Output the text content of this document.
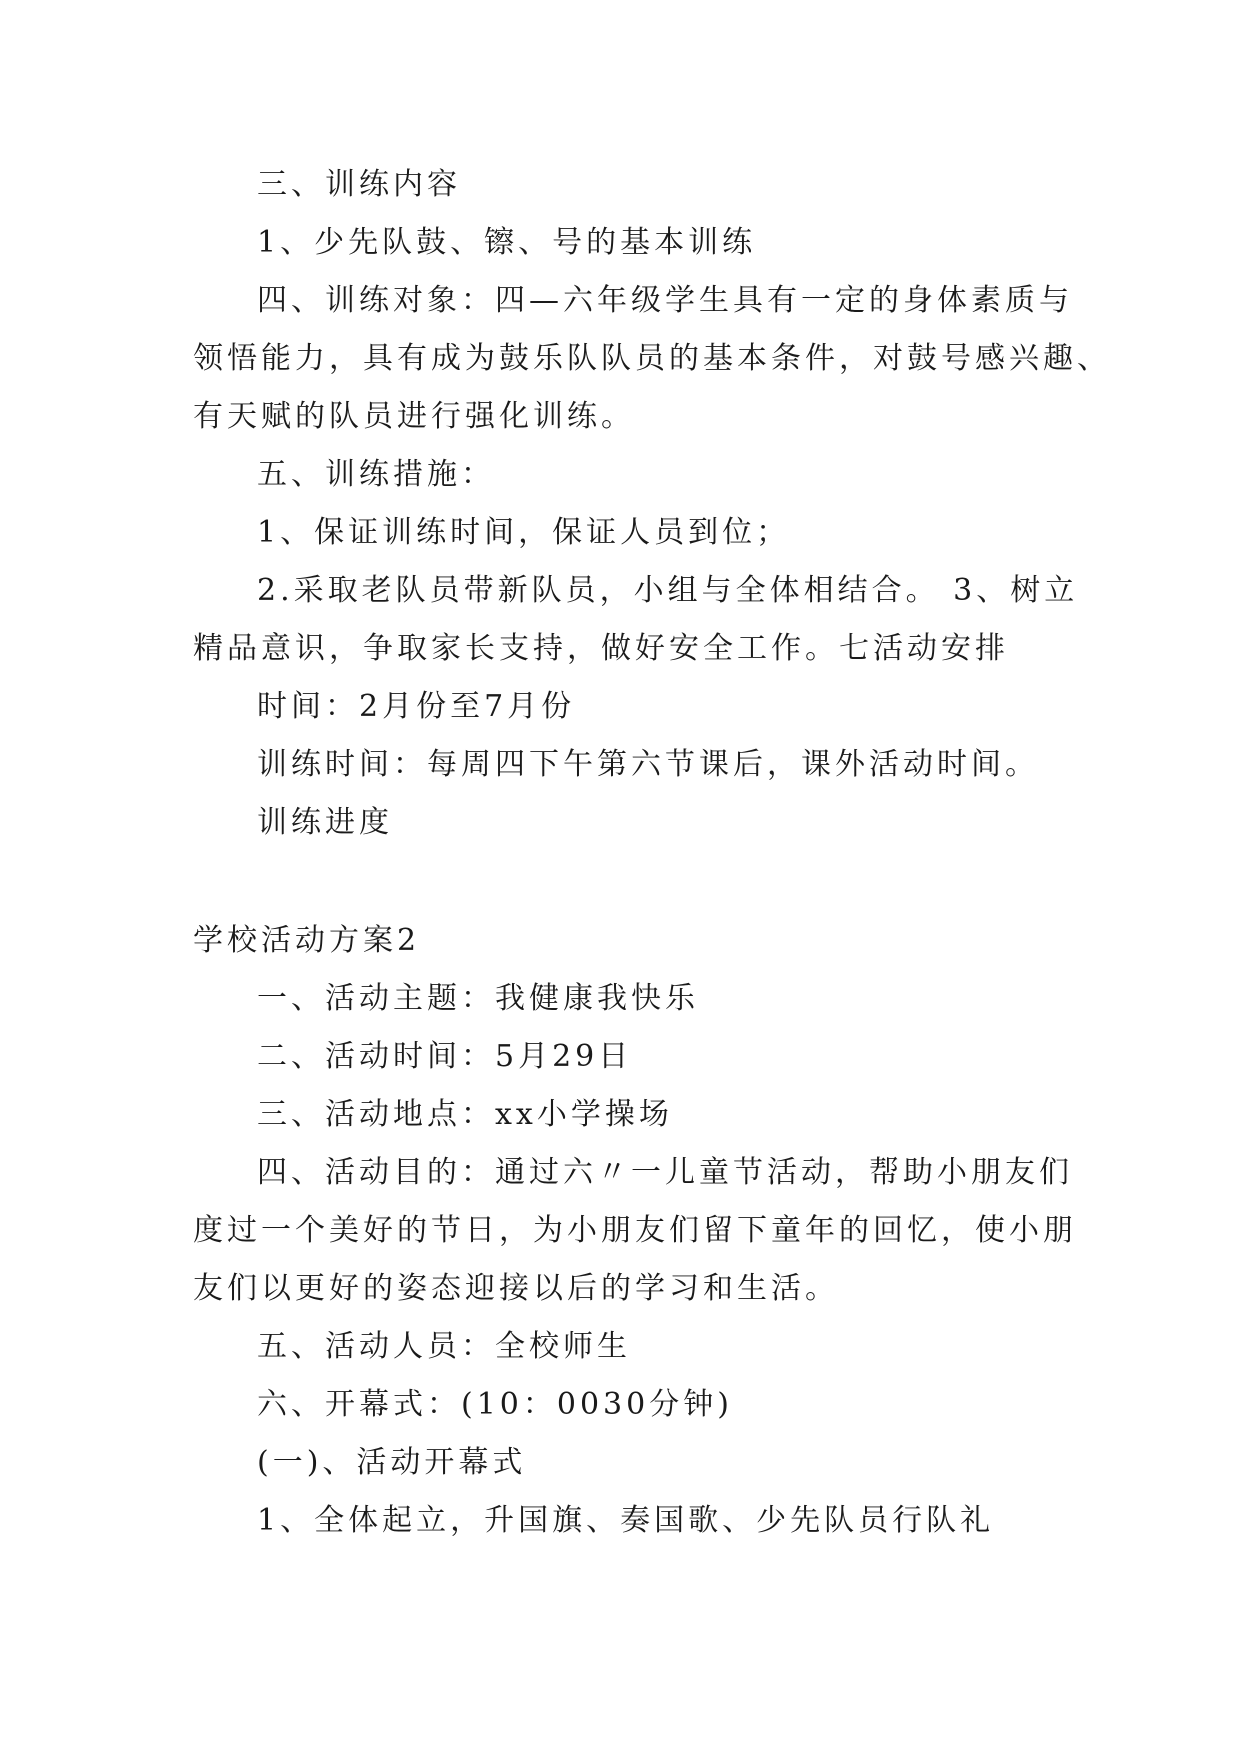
三、训练内容

1、少先队鼓、镲、号的基本训练

四、训练对象：四—六年级学生具有一定的身体素质与

领悟能力，具有成为鼓乐队队员的基本条件，对鼓号感兴趣、

有天赋的队员进行强化训练。

五、训练措施：

1、保证训练时间，保证人员到位；

2.采取老队员带新队员，小组与全体相结合。 3、树立

精品意识，争取家长支持，做好安全工作。七活动安排

时间：2月份至7月份

训练时间：每周四下午第六节课后，课外活动时间。

训练进度

学校活动方案2

一、活动主题：我健康我快乐

二、活动时间：5月29日

三、活动地点：xx小学操场

四、活动目的：通过六〃一儿童节活动，帮助小朋友们

度过一个美好的节日，为小朋友们留下童年的回忆，使小朋

友们以更好的姿态迎接以后的学习和生活。

五、活动人员：全校师生

六、开幕式：(10：0030分钟)

(一)、活动开幕式

1、全体起立，升国旗、奏国歌、少先队员行队礼
